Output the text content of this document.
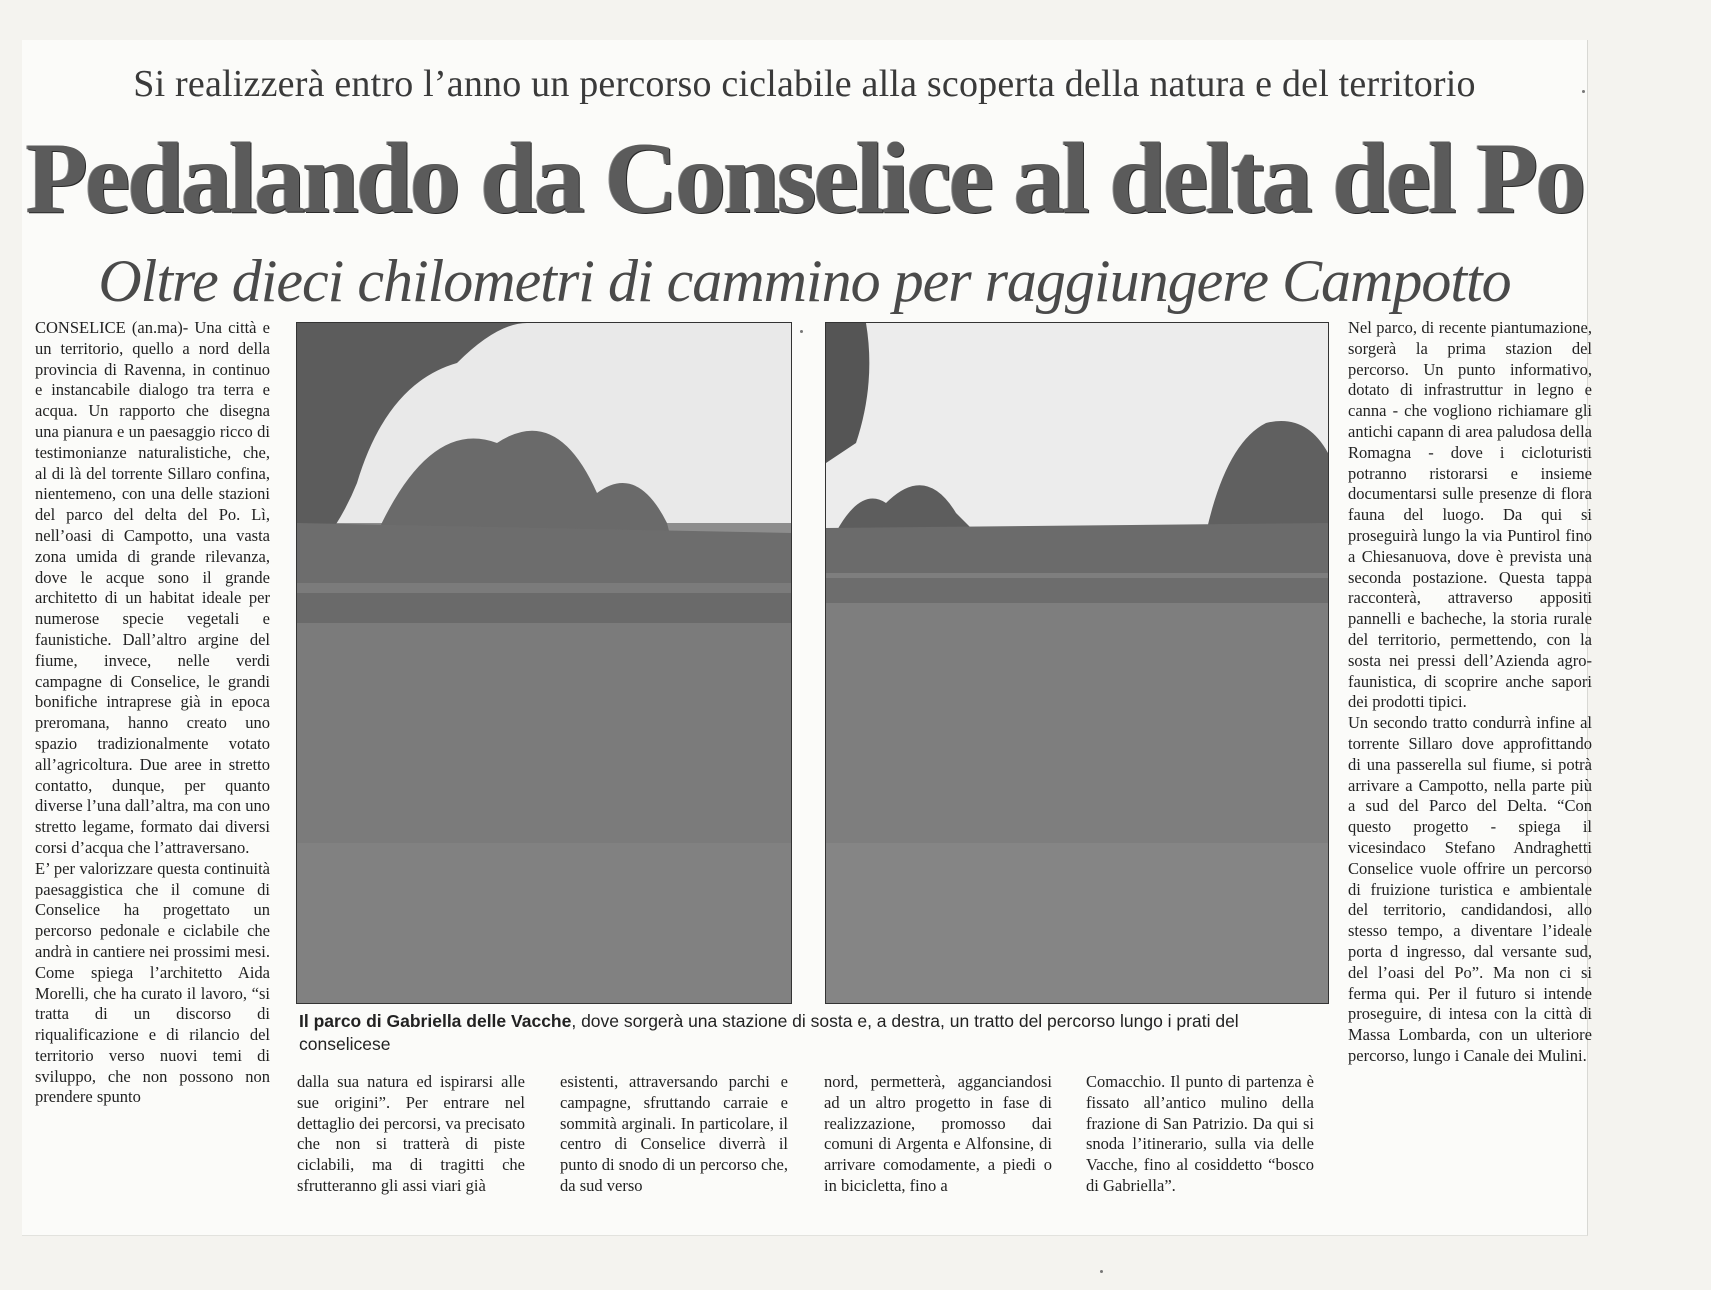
Si realizzerà entro l’anno un percorso ciclabile alla scoperta della natura e del territorio
Pedalando da Conselice al delta del Po
Oltre dieci chilometri di cammino per raggiungere Campotto

CONSELICE (an.ma)- Una città e un territorio, quello a nord della provincia di Ravenna, in continuo e instancabile dialogo tra terra e acqua. Un rapporto che disegna una pianura e un paesaggio ricco di testimonianze naturalistiche, che, al di là del torrente Sillaro confina, nientemeno, con una delle stazioni del parco del delta del Po. Lì, nell’oasi di Campotto, una vasta zona umida di grande rilevanza, dove le acque sono il grande architetto di un habitat ideale per numerose specie vegetali e faunistiche. Dall’altro argine del fiume, invece, nelle verdi campagne di Conselice, le grandi bonifiche intraprese già in epoca preromana, hanno creato uno spazio tradizionalmente votato all’agricoltura. Due aree in stretto contatto, dunque, per quanto diverse l’una dall’altra, ma con uno stretto legame, formato dai diversi corsi d’acqua che l’attraversano.

E’ per valorizzare questa continuità paesaggistica che il comune di Conselice ha progettato un percorso pedonale e ciclabile che andrà in cantiere nei prossimi mesi. Come spiega l’architetto Aida Morelli, che ha curato il lavoro, “si tratta di un discorso di riqualificazione e di rilancio del territorio verso nuovi temi di sviluppo, che non possono non prendere spunto

Il parco di Gabriella delle Vacche, dove sorgerà una stazione di sosta e, a destra, un tratto del percorso lungo i prati del conselicese
dalla sua natura ed ispirarsi alle sue origini”. Per entrare nel dettaglio dei percorsi, va precisato che non si tratterà di piste ciclabili, ma di tragitti che sfrutteranno gli assi viari già
esistenti, attraversando parchi e campagne, sfruttando carraie e sommità arginali. In particolare, il centro di Conselice diverrà il punto di snodo di un percorso che, da sud verso
nord, permetterà, agganciandosi ad un altro progetto in fase di realizzazione, promosso dai comuni di Argenta e Alfonsine, di arrivare comodamente, a piedi o in bicicletta, fino a
Comacchio. Il punto di partenza è fissato all’antico mulino della frazione di San Patrizio. Da qui si snoda l’itinerario, sulla via delle Vacche, fino al cosiddetto “bosco di Gabriella”.

Nel parco, di recente piantumazione, sorgerà la prima stazion del percorso. Un punto informativo, dotato di infrastruttur in legno e canna - che vogliono richiamare gli antichi capann di area paludosa della Romagna - dove i cicloturisti potranno ristorarsi e insieme documentarsi sulle presenze di flora fauna del luogo. Da qui si proseguirà lungo la via Puntirol fino a Chiesanuova, dove è prevista una seconda postazione. Questa tappa racconterà, attraverso appositi pannelli e bacheche, la storia rurale del territorio, permettendo, con la sosta nei pressi dell’Azienda agro-faunistica, di scoprire anche sapori dei prodotti tipici.

Un secondo tratto condurrà infine al torrente Sillaro dove approfittando di una passerella sul fiume, si potrà arrivare a Campotto, nella parte più a sud del Parco del Delta. “Con questo progetto - spiega il vicesindaco Stefano Andraghetti Conselice vuole offrire un percorso di fruizione turistica e ambientale del territorio, candidandosi, allo stesso tempo, a diventare l’ideale porta d ingresso, dal versante sud, del l’oasi del Po”. Ma non ci si ferma qui. Per il futuro si intende proseguire, di intesa con la città di Massa Lombarda, con un ulteriore percorso, lungo i Canale dei Mulini.
